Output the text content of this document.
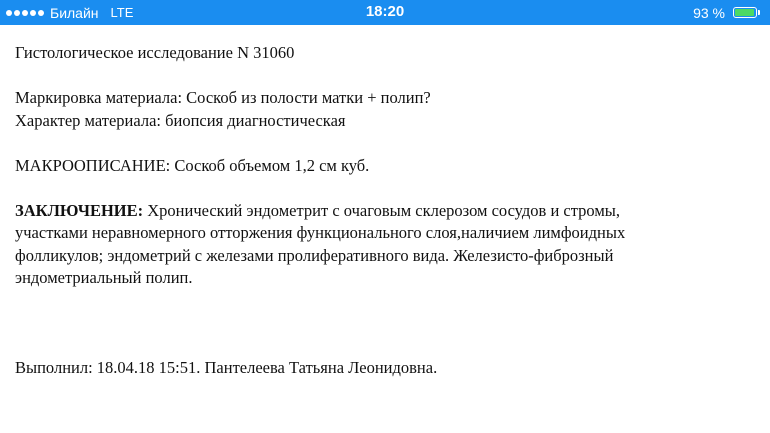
Билайн LTE	18:20	93 %

Гистологическое исследование N 31060

Маркировка материала: Соскоб из полости матки + полип?

Характер материала: биопсия диагностическая

МАКРООПИСАНИЕ: Соскоб объемом 1,2 см куб.

ЗАКЛЮЧЕНИЕ: Хронический эндометрит с очаговым склерозом сосудов и стромы,

участками неравномерного отторжения функционального слоя,наличием лимфоидных

фолликулов; эндометрий с железами пролиферативного вида. Железисто-фиброзный

эндометриальный полип.

Выполнил: 18.04.18 15:51. Пантелеева Татьяна Леонидовна.
